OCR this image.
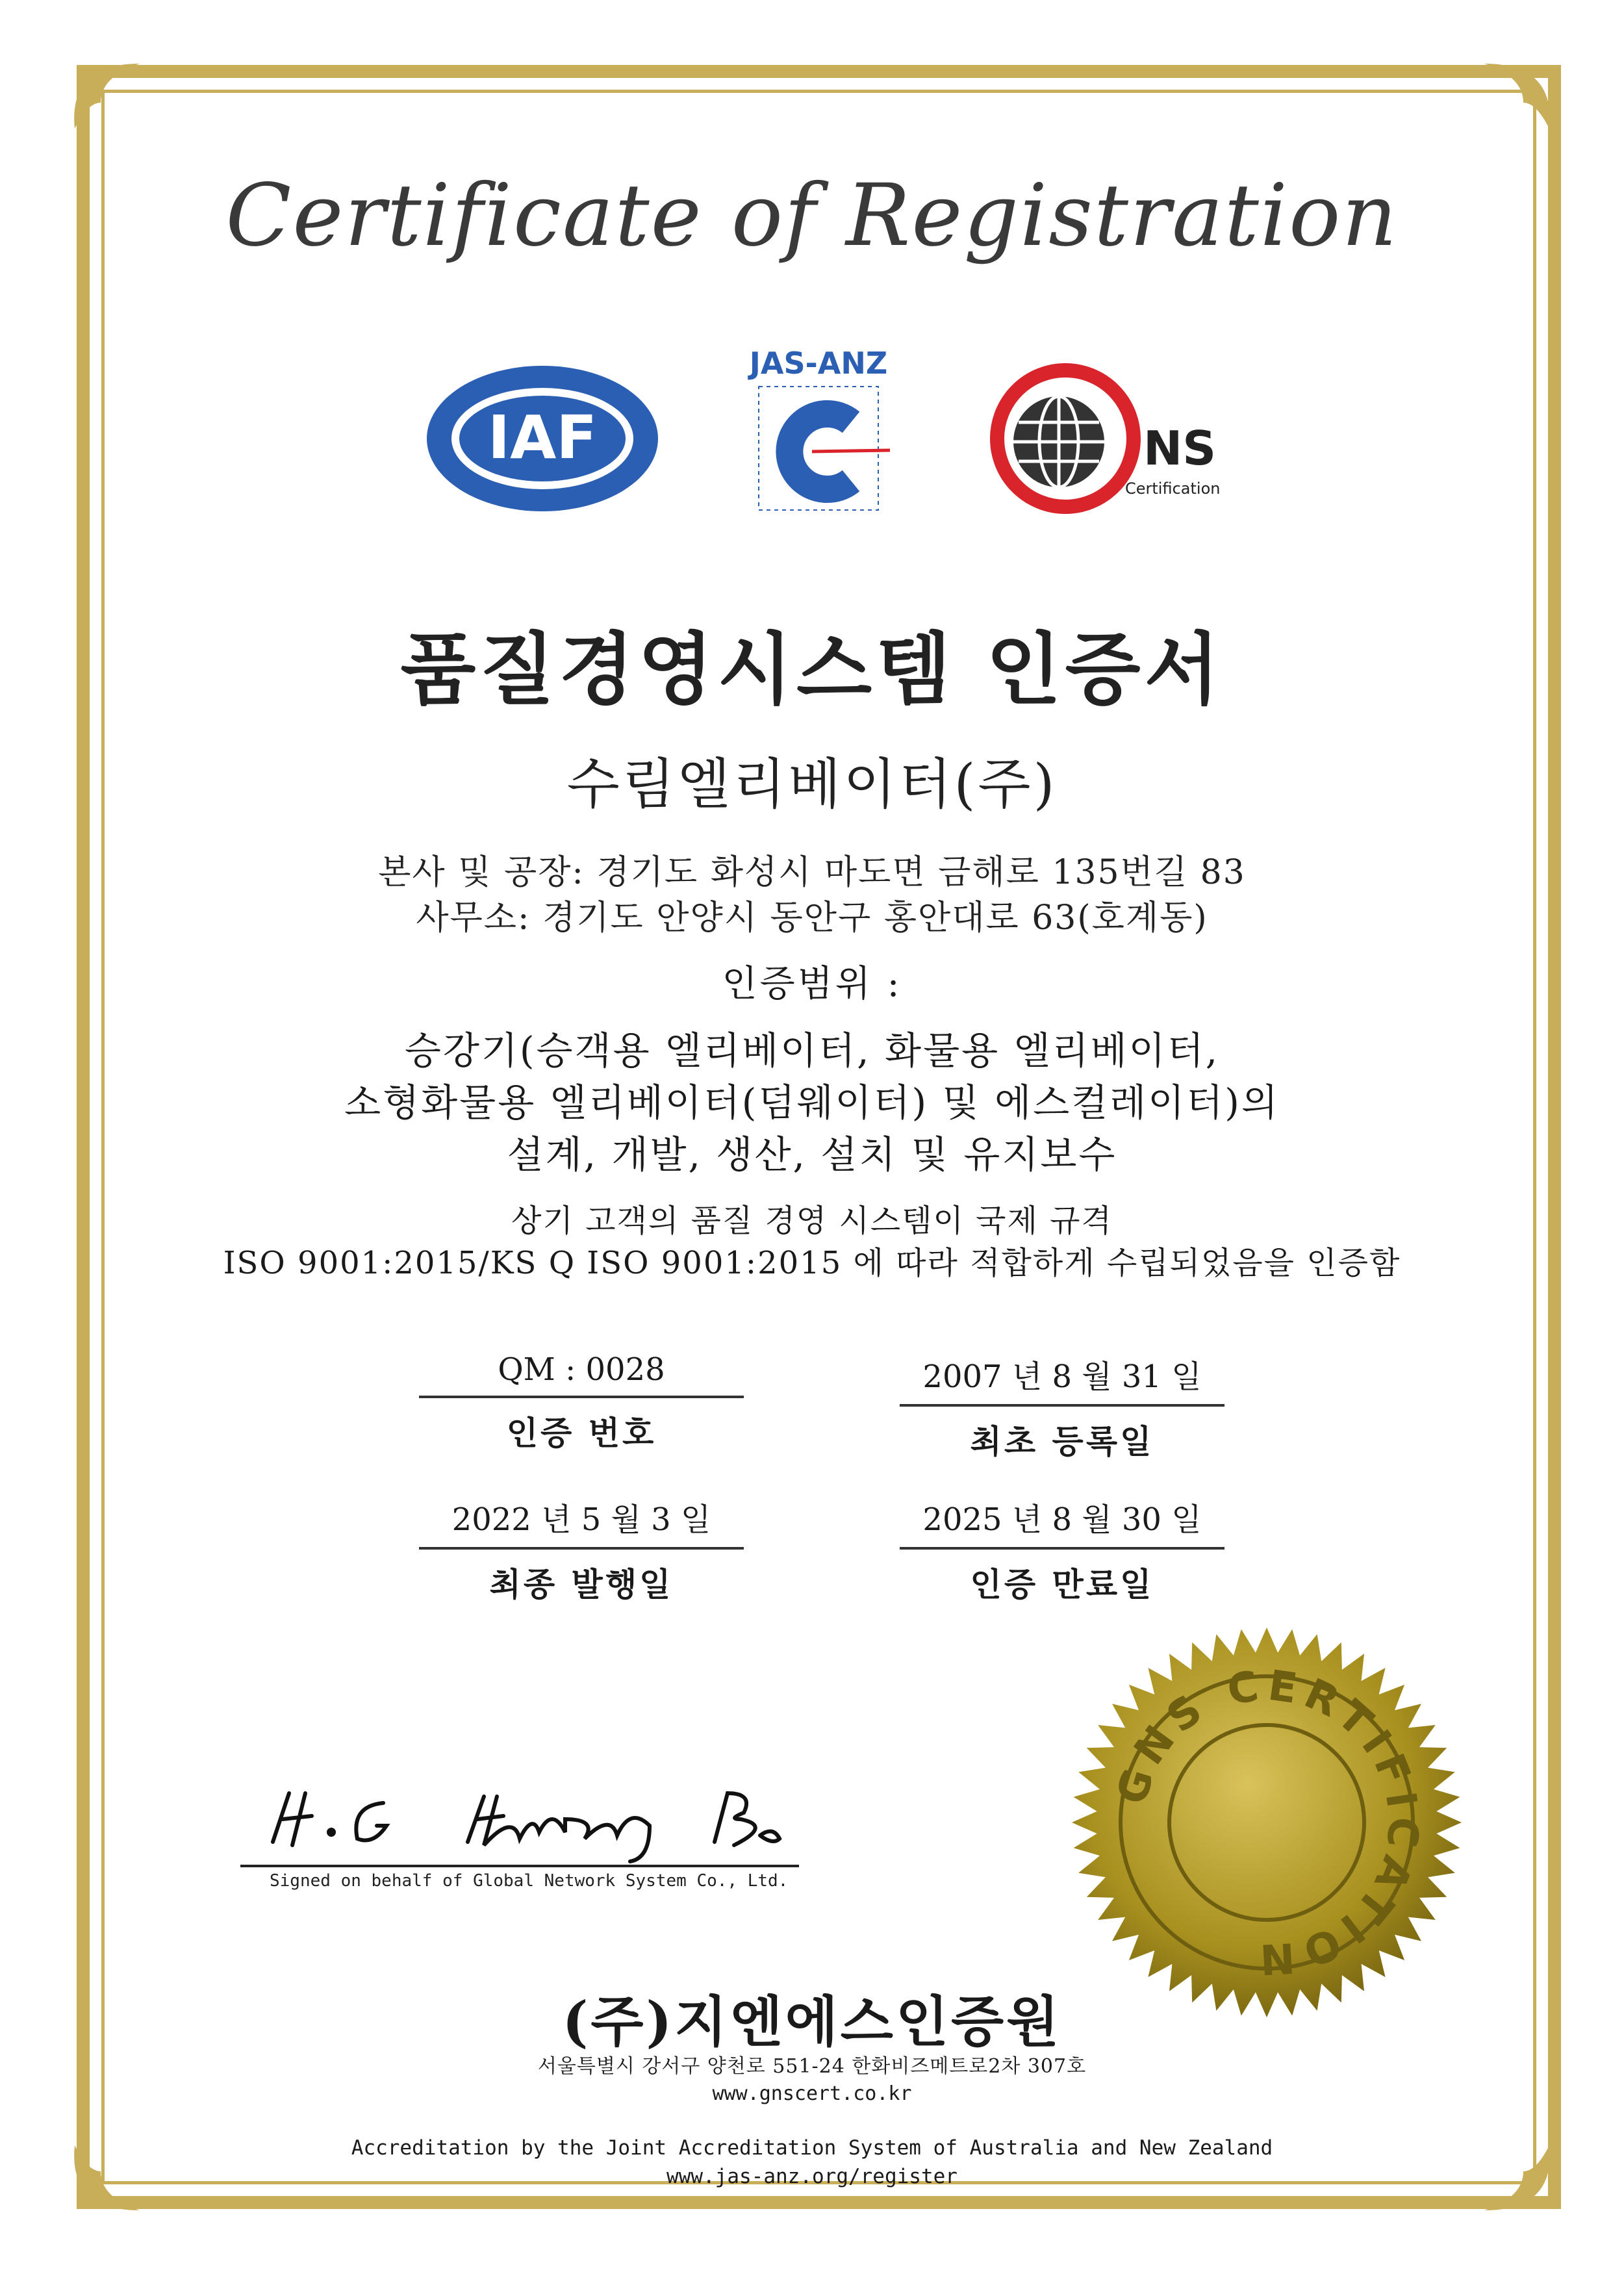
Certificate of Registration
IAF
JAS-ANZ
NS
Certification
품질경영시스템 인증서
수림엘리베이터(주)
본사 및 공장: 경기도 화성시 마도면 금해로 135번길 83
사무소: 경기도 안양시 동안구 홍안대로 63(호계동)
인증범위 :
승강기(승객용 엘리베이터, 화물용 엘리베이터,
소형화물용 엘리베이터(덤웨이터) 및 에스컬레이터)의
설계, 개발, 생산, 설치 및 유지보수
상기 고객의 품질 경영 시스템이 국제 규격
ISO 9001:2015/KS Q ISO 9001:2015 에 따라 적합하게 수립되었음을 인증함
QM : 0028
인증 번호
2007 년 8 월 31 일
최초 등록일
2022 년 5 월 3 일
최종 발행일
2025 년 8 월 30 일
인증 만료일
Signed on behalf of Global Network System Co., Ltd.
GNS CERTIFICATION
(주)지엔에스인증원
서울특별시 강서구 양천로 551-24 한화비즈메트로2차 307호
www.gnscert.co.kr
Accreditation by the Joint Accreditation System of Australia and New Zealand
www.jas-anz.org/register
